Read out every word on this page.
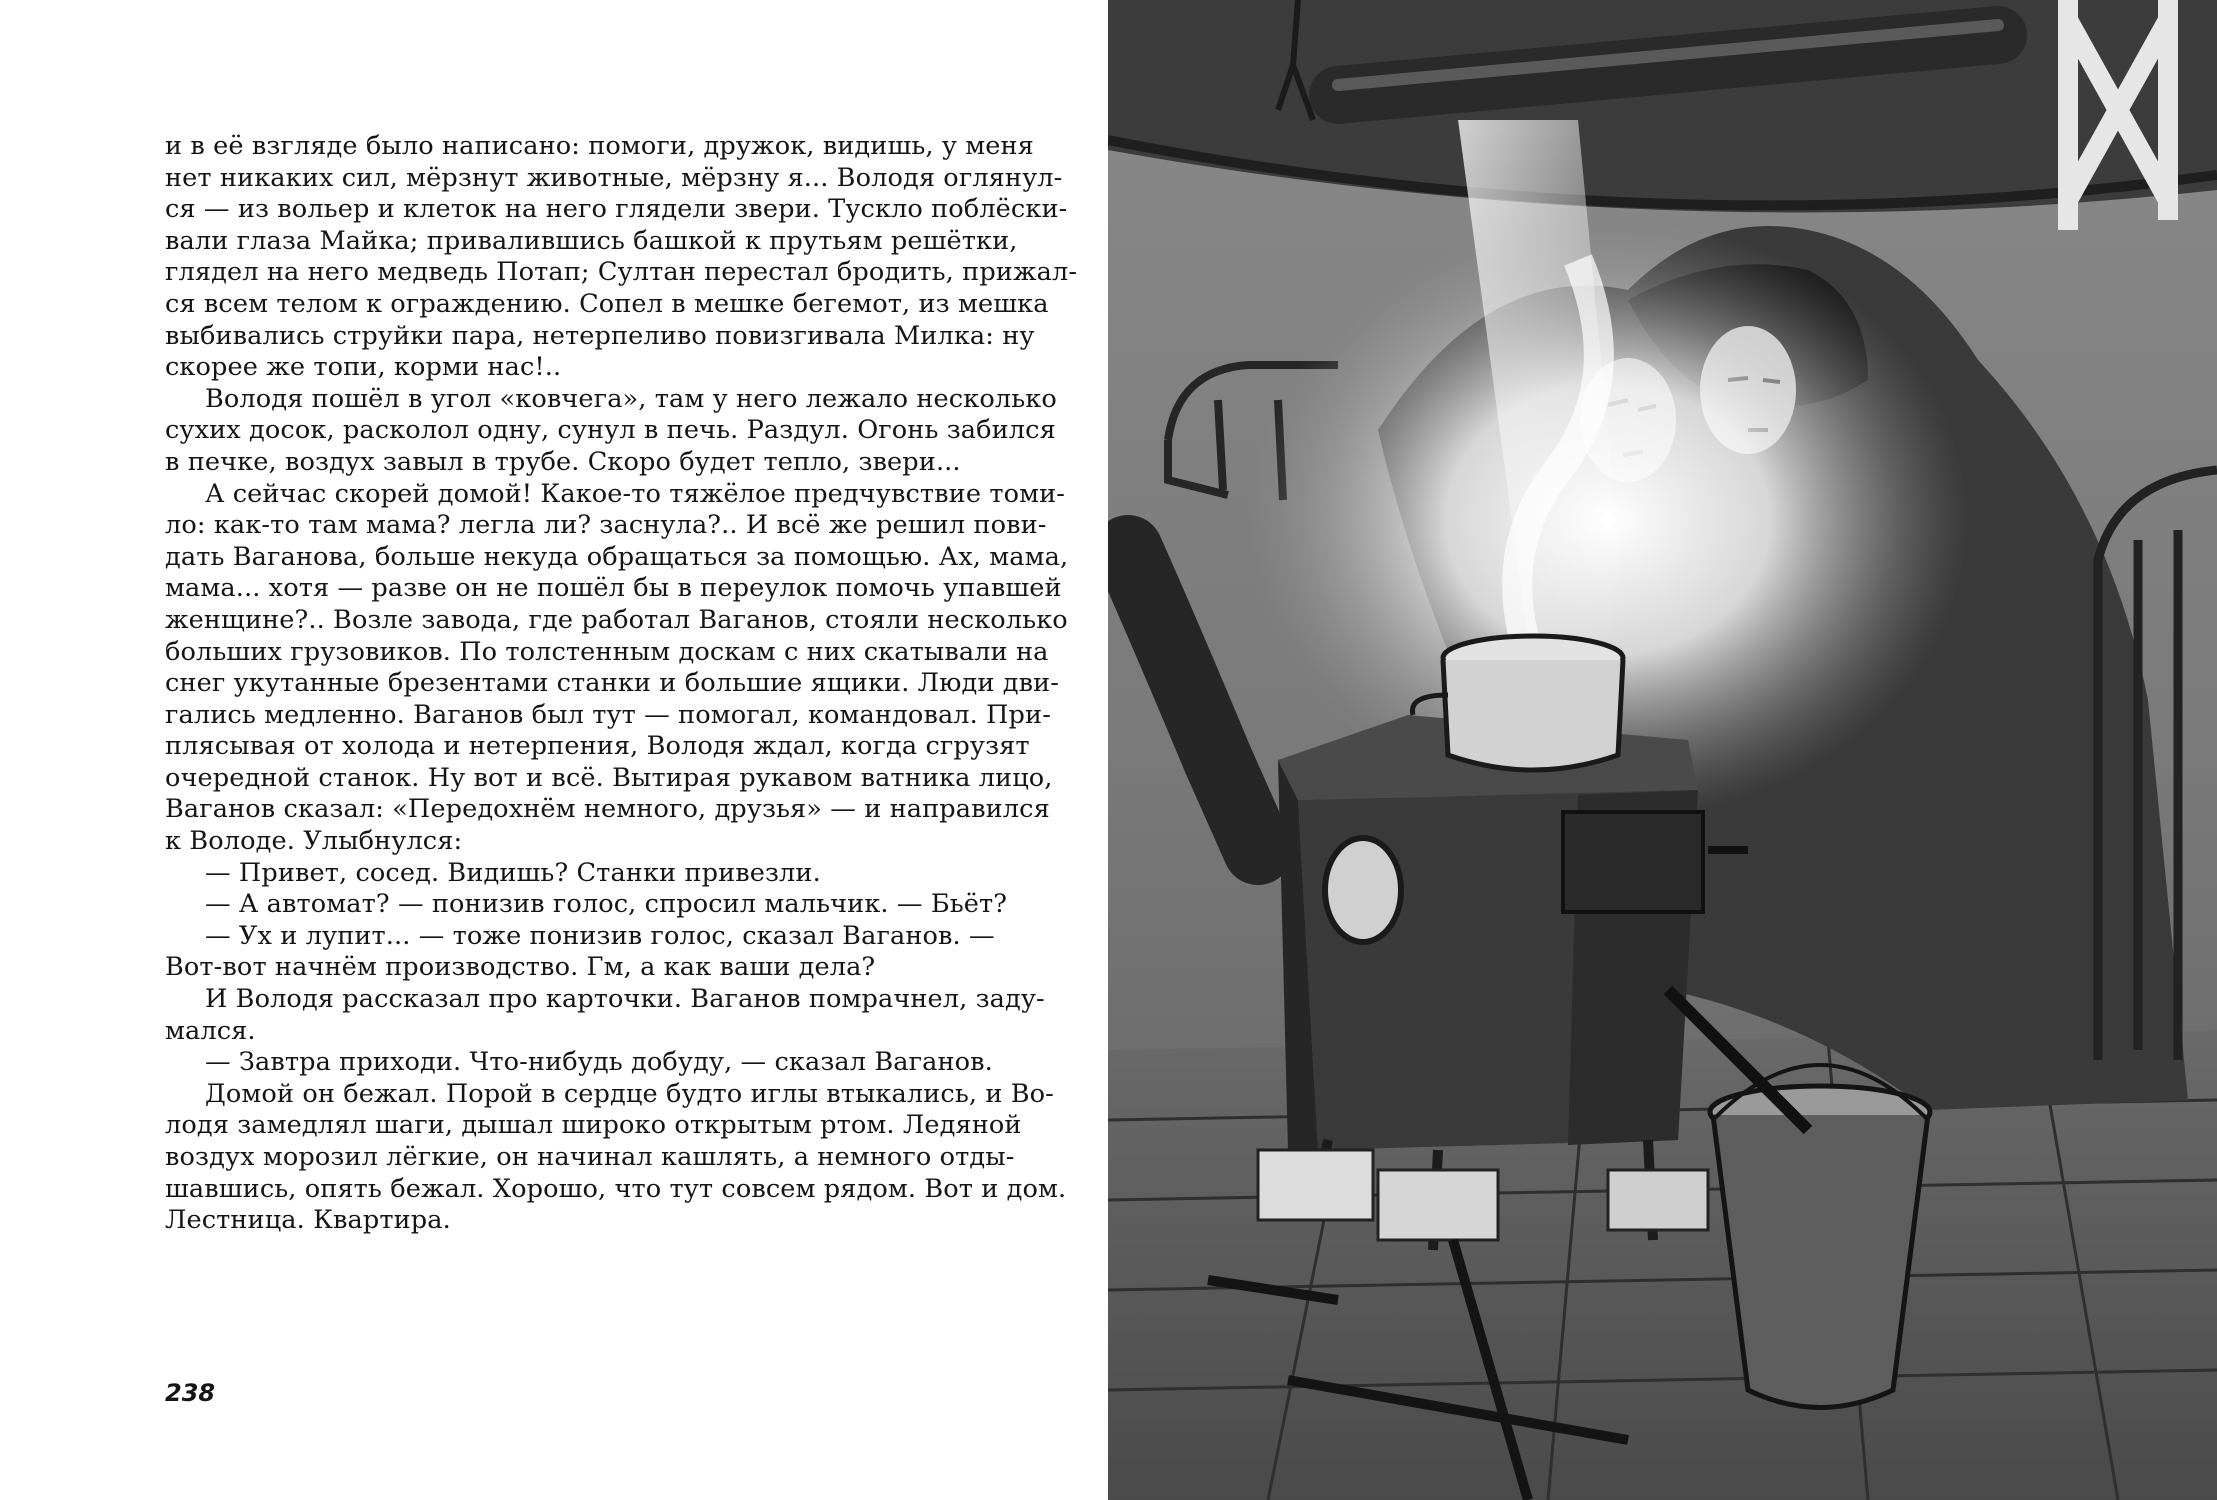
и в её взгляде было написано: помоги, дружок, видишь, у меня
нет никаких сил, мёрзнут животные, мёрзну я... Володя оглянул-
ся — из вольер и клеток на него глядели звери. Тускло поблёски-
вали глаза Майка; привалившись башкой к прутьям решётки,
глядел на него медведь Потап; Султан перестал бродить, прижал-
ся всем телом к ограждению. Сопел в мешке бегемот, из мешка
выбивались струйки пара, нетерпеливо повизгивала Милка: ну
скорее же топи, корми нас!..
Володя пошёл в угол «ковчега», там у него лежало несколько
сухих досок, расколол одну, сунул в печь. Раздул. Огонь забился
в печке, воздух завыл в трубе. Скоро будет тепло, звери...
А сейчас скорей домой! Какое-то тяжёлое предчувствие томи-
ло: как-то там мама? легла ли? заснула?.. И всё же решил пови-
дать Ваганова, больше некуда обращаться за помощью. Ах, мама,
мама... хотя — разве он не пошёл бы в переулок помочь упавшей
женщине?.. Возле завода, где работал Ваганов, стояли несколько
больших грузовиков. По толстенным доскам с них скатывали на
снег укутанные брезентами станки и большие ящики. Люди дви-
гались медленно. Ваганов был тут — помогал, командовал. При-
плясывая от холода и нетерпения, Володя ждал, когда сгрузят
очередной станок. Ну вот и всё. Вытирая рукавом ватника лицо,
Ваганов сказал: «Передохнём немного, друзья» — и направился
к Володе. Улыбнулся:
— Привет, сосед. Видишь? Станки привезли.
— А автомат? — понизив голос, спросил мальчик. — Бьёт?
— Ух и лупит... — тоже понизив голос, сказал Ваганов. —
Вот-вот начнём производство. Гм, а как ваши дела?
И Володя рассказал про карточки. Ваганов помрачнел, заду-
мался.
— Завтра приходи. Что-нибудь добуду, — сказал Ваганов.
Домой он бежал. Порой в сердце будто иглы втыкались, и Во-
лодя замедлял шаги, дышал широко открытым ртом. Ледяной
воздух морозил лёгкие, он начинал кашлять, а немного отды-
шавшись, опять бежал. Хорошо, что тут совсем рядом. Вот и дом.
Лестница. Квартира.
238
